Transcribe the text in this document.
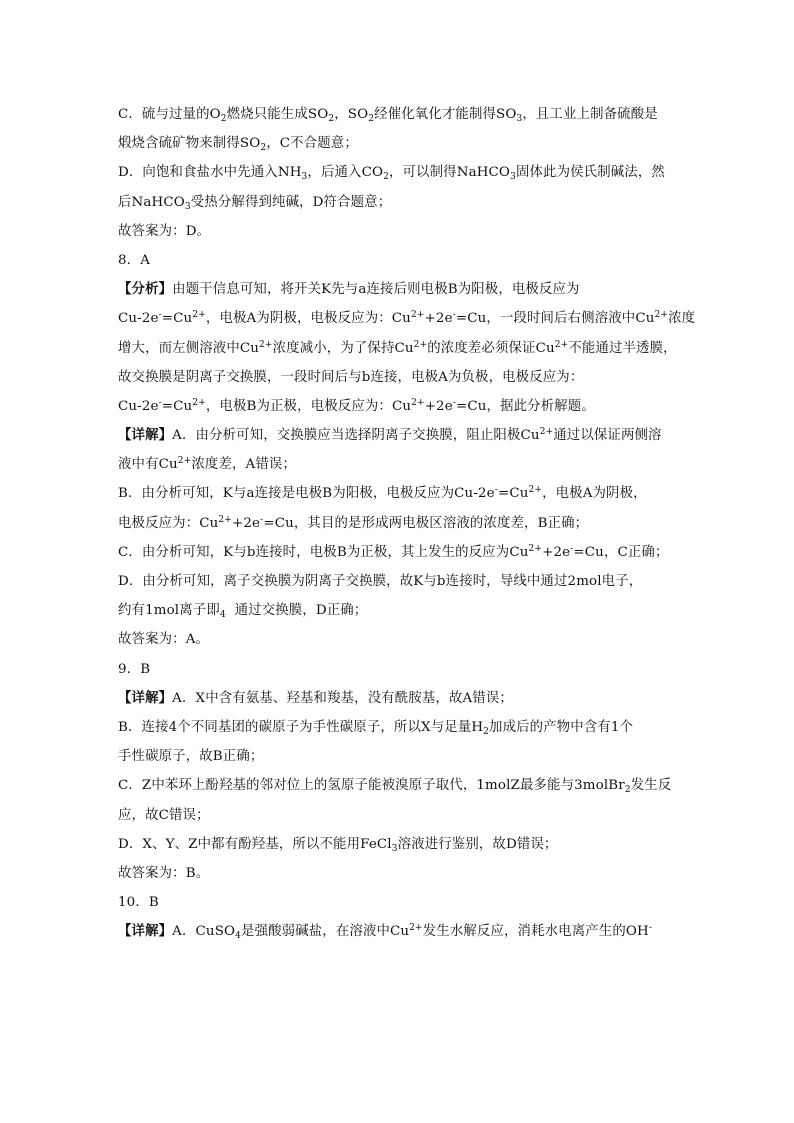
C．硫与过量的$O_2$燃烧只能生成$SO_2$，$SO_2$经催化氧化才能制得$SO_3$，且工业上制备硫酸是
煅烧含硫矿物来制得$SO_2$，C不合题意；
D．向饱和食盐水中先通入$NH_3$，后通入$CO_2$，可以制得NaHCO$_3$固体此为侯氏制碱法，然
后NaHCO$_3$受热分解得到纯碱，D符合题意；
故答案为：D。
8．A
【分析】由题干信息可知，将开关K先与a连接后则电极B为阳极，电极反应为
$Cu-2e^-=Cu^{2+}$，电极A为阴极，电极反应为：$Cu^{2+}+2e^-=Cu$，一段时间后右侧溶液中$Cu^{2+}$浓度
增大，而左侧溶液中$Cu^{2+}$浓度减小，为了保持$Cu^{2+}$的浓度差必须保证$Cu^{2+}$不能通过半透膜，
故交换膜是阴离子交换膜，一段时间后与b连接，电极A为负极，电极反应为：
$Cu-2e^-=Cu^{2+}$，电极B为正极，电极反应为：$Cu^{2+}+2e^-=Cu$，据此分析解题。
【详解】A．由分析可知，交换膜应当选择阴离子交换膜，阻止阳极$Cu^{2+}$通过以保证两侧溶
液中有$Cu^{2+}$浓度差，A错误；
B．由分析可知，K与a连接是电极B为阳极，电极反应为$Cu-2e^-=Cu^{2+}$，电极A为阴极，
电极反应为：$Cu^{2+}+2e^-=Cu$，其目的是形成两电极区溶液的浓度差，B正确；
C．由分析可知，K与b连接时，电极B为正极，其上发生的反应为$Cu^{2+}+2e^-=Cu$，C正确；
D．由分析可知，离子交换膜为阴离子交换膜，故K与b连接时，导线中通过2mol电子，
约有1mol离子即$_4$  通过交换膜，D正确；
故答案为：A。
9．B
【详解】A．X中含有氨基、羟基和羧基，没有酰胺基，故A错误；
B．连接4个不同基团的碳原子为手性碳原子，所以X与足量$H_2$加成后的产物中含有1个
手性碳原子，故B正确；
C．Z中苯环上酚羟基的邻对位上的氢原子能被溴原子取代，1molZ最多能与3molBr$_2$发生反
应，故C错误；
D．X、Y、Z中都有酚羟基，所以不能用FeCl$_3$溶液进行鉴别，故D错误；
故答案为：B。
10．B
【详解】A．CuSO$_4$是强酸弱碱盐，在溶液中$Cu^{2+}$发生水解反应，消耗水电离产生的OH-
